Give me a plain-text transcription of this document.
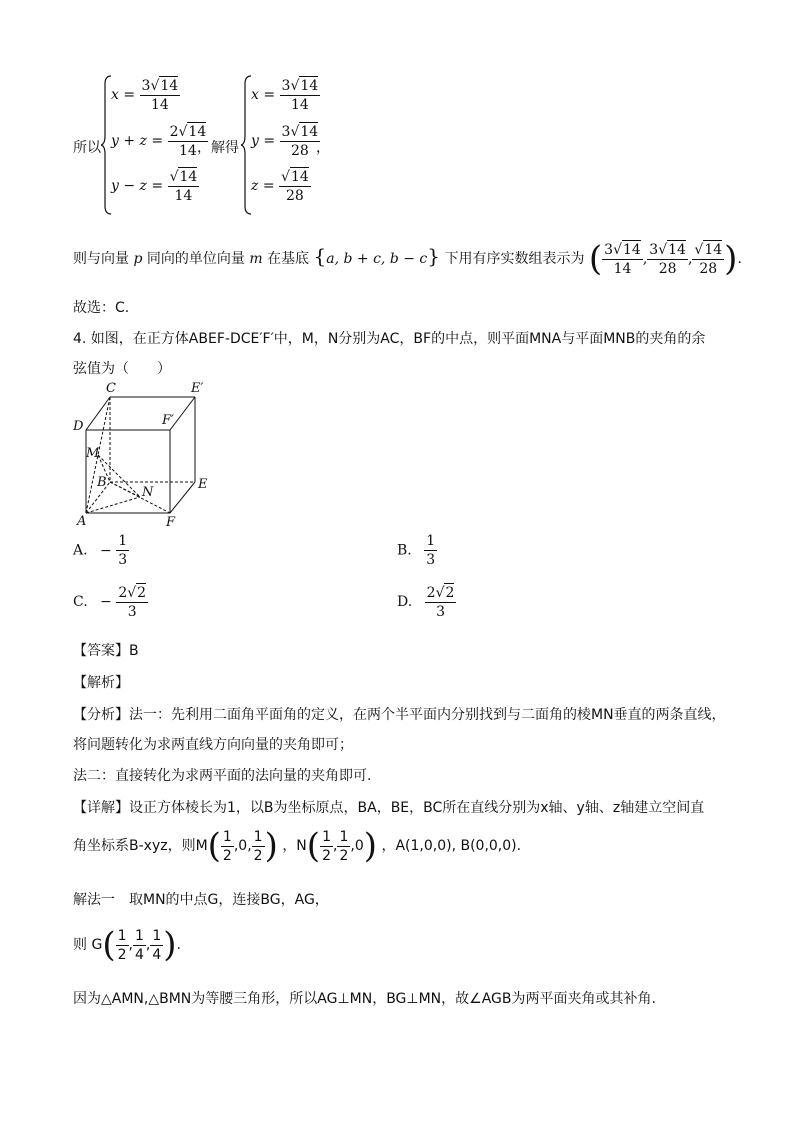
所以
$x = \frac{3√14}{14}$
$y + z = \frac{2√14}{14}$
$y - z = \frac{√14}{14}$
，解得
$x = \frac{3√14}{14}$
$y = \frac{3√14}{28}$
$z = \frac{√14}{28}$
，
则与向量 p 同向的单位向量 m 在基底 {a, b + c, b − c} 下用有序实数组表示为 ( $\frac{3√14}{14}$ , $\frac{3√14}{28}$ , $\frac{√14}{28}$ ).
故选：C.
4. 如图，在正方体ABEF-DCE′F′中，M，N分别为AC，BF的中点，则平面MNA与平面MNB的夹角的余
弦值为（　　）
C	E′
D	F′
M
B
N
E
A	F
A. − $\frac{1}{3}$	B. $\frac{1}{3}$
C. − $\frac{2√2}{3}$	D. $\frac{2√2}{3}$
【答案】B
【解析】
【分析】法一：先利用二面角平面角的定义，在两个半平面内分别找到与二面角的棱MN垂直的两条直线，
将问题转化为求两直线方向向量的夹角即可；
法二：直接转化为求两平面的法向量的夹角即可.
【详解】设正方体棱长为1，以B为坐标原点，BA，BE，BC所在直线分别为x轴、y轴、z轴建立空间直
角坐标系B-xyz，则$M( \frac{1}{2} ,0$, $\frac{1}{2}$ ) ，$N( \frac{1}{2}$ , $\frac{1}{2} ,0$) ，A(1,0,0), B(0,0,0).
解法一　取MN的中点G，连接BG，AG，
则 $G( \frac{1}{2}$ , $\frac{1}{4}$ , $\frac{1}{4}$ ).
因为△AMN,△BMN为等腰三角形，所以AG⊥MN，BG⊥MN，故∠AGB为两平面夹角或其补角.
